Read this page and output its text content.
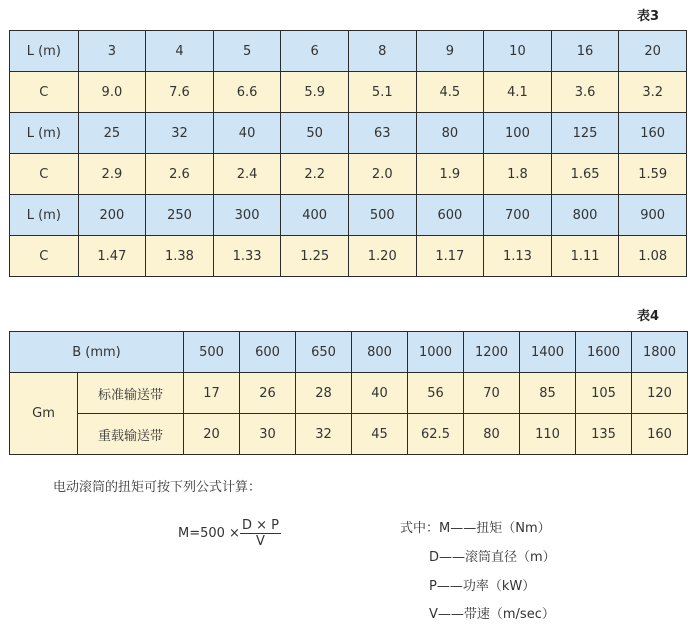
表3
L (m)	3	4	5	6	8	9	10	16	20
C	9.0	7.6	6.6	5.9	5.1	4.5	4.1	3.6	3.2
L (m)	25	32	40	50	63	80	100	125	160
C	2.9	2.6	2.4	2.2	2.0	1.9	1.8	1.65	1.59
L (m)	200	250	300	400	500	600	700	800	900
C	1.47	1.38	1.33	1.25	1.20	1.17	1.13	1.11	1.08
表4
B (mm)		500	600	650	800	1000	1200	1400	1600	1800
Gm	标准输送带	17	26	28	40	56	70	85	105	120
	重载输送带	20	30	32	45	62.5	80	110	135	160
电动滚筒的扭矩可按下列公式计算：
$M=500 \times \frac{D \times P}{V}$	式中：M——扭矩（Nm）
D——滚筒直径（m）
P——功率（kW）
V——带速（m/sec）
